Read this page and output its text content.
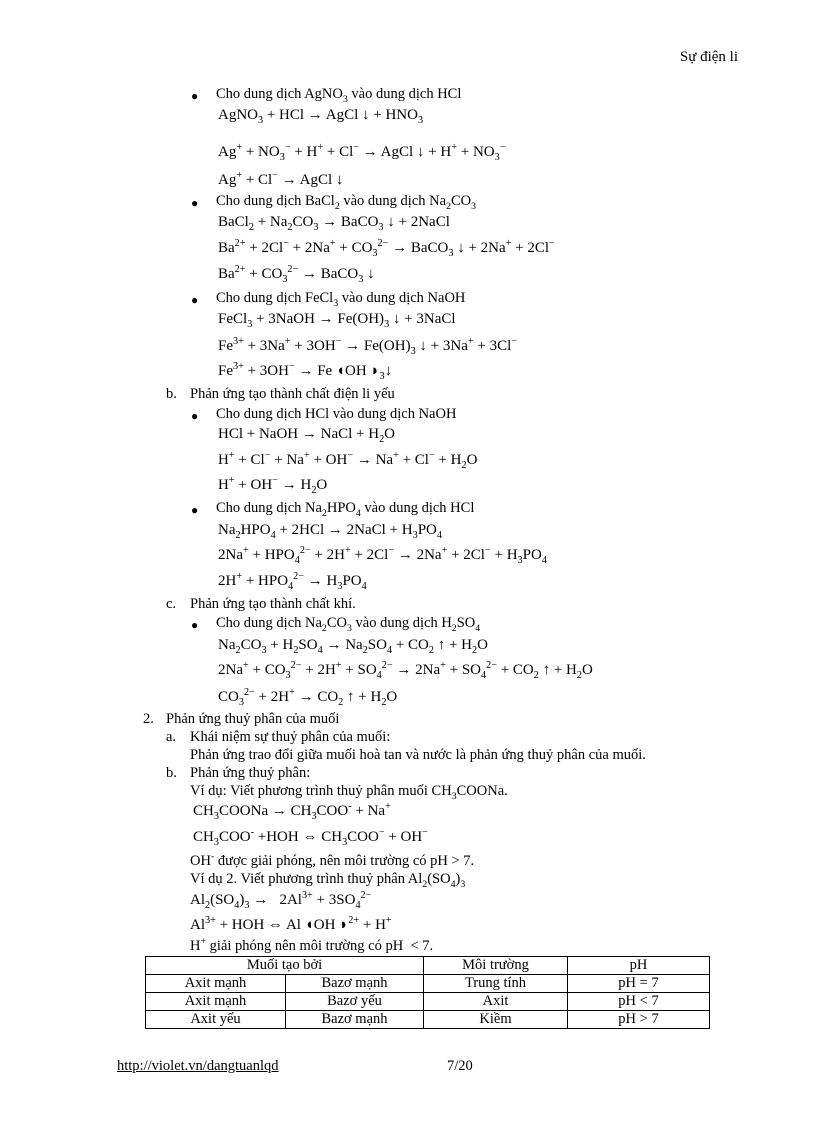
Sự điện li
● Cho dung dịch AgNO$_3$ vào dung dịch HCl
AgNO$_3$ + HCl → AgCl ↓ + $HNO_3$
$Ag^+ + NO_3^- + H^+ + Cl^-$ → AgCl ↓ + $H^+ + NO_3^-$
Ag+ + Cl− → AgCl ↓
● Cho dung dịch BaCl$_2$ vào dung dịch $Na_2CO_3$
BaCl$_2$ + $Na_2CO_3$ → BaCO$_3$ ↓ + 2NaCl
$Ba^{2+} + 2Cl^- + 2Na^+ + CO_3^{2-}$ → BaCO$_3$ ↓ + 2Na+ + 2Cl−
$Ba^{2+} + CO_3^{2-}$ → BaCO$_3$ ↓
● Cho dung dịch FeCl$_3$ vào dung dịch NaOH
FeCl$_3$ + 3NaOH → $Fe(OH)_3$ ↓ + 3NaCl
$Fe^{3+} + 3Na^+ + 3OH^- \to Fe(OH)_3$ ↓ + 3Na+ + 3Cl−
$Fe^{3+} + 3OH^- \to Fe$ ◖OH $◗_3↓$
b. Phản ứng tạo thành chất điện li yếu
● Cho dung dịch HCl vào dung dịch NaOH
HCl + NaOH → NaCl + $H_2O$
$H^+ + Cl^- + Na^+ + OH^- \to Na^+ + Cl^- + H_2O$
$H^+ + OH^- \to H_2O$
● Cho dung dịch $Na_2HPO_4$ vào dung dịch HCl
$Na_2HPO_4 + 2HCl$ → 2NaCl + $H_3PO_4$
$2Na^+ + HPO_4^{2-} + 2H^+ + 2Cl^- \to 2Na^+ + 2Cl^- + H_3PO_4$
$2H^+ + HPO_4^{2-} \to H_3PO_4$
c. Phản ứng tạo thành chất khí.
● Cho dung dịch $Na_2CO_3$ vào dung dịch $H_2SO_4$
$Na_2CO_3 + H_2SO_4 \to Na_2SO_4 + CO_2$ ↑ + $H_2O$
$2Na^+ + CO_3^{2-} + 2H^+ + SO_4^{2-} \to 2Na^+ + SO_4^{2-} + CO_2$ ↑ + $H_2O$
$CO_3^{2-} + 2H^+ \to CO_2$ ↑ + $H_2O$
2. Phản ứng thuỷ phân của muối
a. Khái niệm sự thuỷ phân của muối:
Phản ứng trao đổi giữa muối hoà tan và nước là phản ứng thuỷ phân của muối.
b. Phản ứng thuỷ phân:
Ví dụ: Viết phương trình thuỷ phân muối $CH_3COONa$.
$CH_3COONa \to CH_3COO^- + Na^+$
$CH_3COO^- +HOH$ ⇔ $CH_3COO^- + OH^-$
OH- được giải phóng, nên môi trường có pH > 7.
Ví dụ 2. Viết phương trình thuỷ phân $Al_2(SO_4)_3$
$Al_2(SO_4)_3 \to 2Al^{3+} + 3SO_4^{2-}$
$Al^{3+}$ + HOH ⇔ Al ◖OH ◗$^{2+}$ + H+
H+ giải phóng nên môi trường có pH  < 7.
Muối tạo bởi		Môi trường	pH
Axit mạnh	Bazơ mạnh	Trung tính	pH = 7
Axit mạnh	Bazơ yếu	Axit	pH < 7
Axit yếu	Bazơ mạnh	Kiềm	pH > 7
http://violet.vn/dangtuanlqd	7/20
